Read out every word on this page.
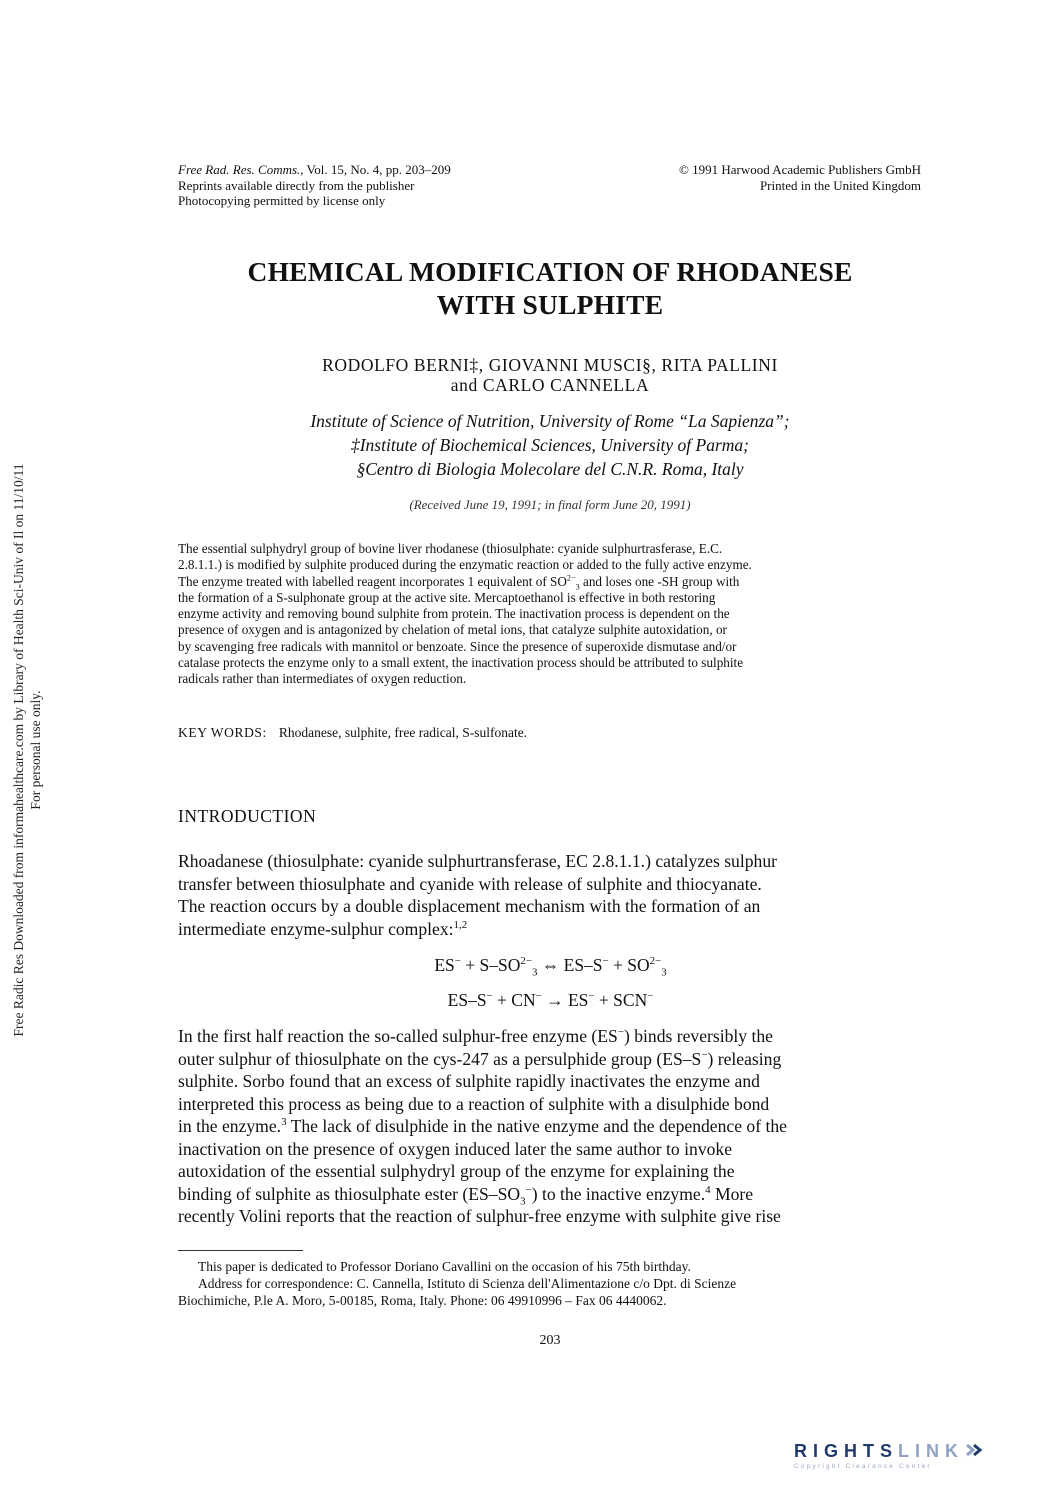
Free Radic Res Downloaded from informahealthcare.com by Library of Health Sci-Univ of Il on 11/10/11 For personal use only.
Free Rad. Res. Comms., Vol. 15, No. 4, pp. 203–209
Reprints available directly from the publisher
Photocopying permitted by license only
© 1991 Harwood Academic Publishers GmbH
Printed in the United Kingdom
CHEMICAL MODIFICATION OF RHODANESE
WITH SULPHITE
RODOLFO BERNI‡, GIOVANNI MUSCI§, RITA PALLINI
and CARLO CANNELLA
Institute of Science of Nutrition, University of Rome “La Sapienza”;
‡Institute of Biochemical Sciences, University of Parma;
§Centro di Biologia Molecolare del C.N.R. Roma, Italy
(Received June 19, 1991; in final form June 20, 1991)
The essential sulphydryl group of bovine liver rhodanese (thiosulphate: cyanide sulphurtrasferase, E.C.
2.8.1.1.) is modified by sulphite produced during the enzymatic reaction or added to the fully active enzyme.
The enzyme treated with labelled reagent incorporates 1 equivalent of $SO^{2-}_3$ and loses one -SH group with
the formation of a S-sulphonate group at the active site. Mercaptoethanol is effective in both restoring
enzyme activity and removing bound sulphite from protein. The inactivation process is dependent on the
presence of oxygen and is antagonized by chelation of metal ions, that catalyze sulphite autoxidation, or
by scavenging free radicals with mannitol or benzoate. Since the presence of superoxide dismutase and/or
catalase protects the enzyme only to a small extent, the inactivation process should be attributed to sulphite
radicals rather than intermediates of oxygen reduction.
KEY WORDS: Rhodanese, sulphite, free radical, S-sulfonate.
INTRODUCTION
Rhoadanese (thiosulphate: cyanide sulphurtransferase, EC 2.8.1.1.) catalyzes sulphur
transfer between thiosulphate and cyanide with release of sulphite and thiocyanate.
The reaction occurs by a double displacement mechanism with the formation of an
intermediate enzyme-sulphur complex:$^{1,2}$
$ES^- + S-SO^{2-}_3$ ⇔ $ES-S^- + SO^{2-}_3$
ES–S− + CN− → ES− + SCN−
In the first half reaction the so-called sulphur-free enzyme (ES−) binds reversibly the
outer sulphur of thiosulphate on the cys-247 as a persulphide group (ES–S−) releasing
sulphite. Sorbo found that an excess of sulphite rapidly inactivates the enzyme and
interpreted this process as being due to a reaction of sulphite with a disulphide bond
in the enzyme.$^3$ The lack of disulphide in the native enzyme and the dependence of the
inactivation on the presence of oxygen induced later the same author to invoke
autoxidation of the essential sulphydryl group of the enzyme for explaining the
binding of sulphite as thiosulphate ester $(ES-SO_3^-)$ to the inactive enzyme.$^4$ More
recently Volini reports that the reaction of sulphur-free enzyme with sulphite give rise
This paper is dedicated to Professor Doriano Cavallini on the occasion of his 75th birthday.
Address for correspondence: C. Cannella, Istituto di Scienza dell'Alimentazione c/o Dpt. di Scienze
Biochimiche, P.le A. Moro, 5-00185, Roma, Italy. Phone: 06 49910996 – Fax 06 4440062.
203
RIGHTSLINK
Copyright Clearance Center
